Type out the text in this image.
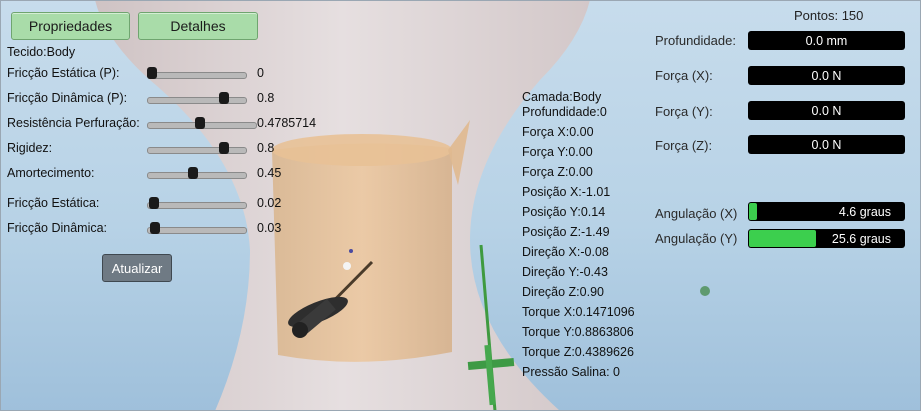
Propriedades	Detalhes
Tecido:Body
Fricção Estática (P):	0
Fricção Dinâmica (P):	0.8
Resistência Perfuração:	0.4785714
Rigidez:	0.8
Amortecimento:	0.45
Fricção Estática:	0.02
Fricção Dinâmica:	0.03
Atualizar
Camada:Body
Profundidade:0
Força X:0.00
Força Y:0.00
Força Z:0.00
Posição X:-1.01
Posição Y:0.14
Posição Z:-1.49
Direção X:-0.08
Direção Y:-0.43
Direção Z:0.90
Torque X:0.1471096
Torque Y:0.8863806
Torque Z:0.4389626
Pressão Salina: 0
Pontos: 150
Profundidade:	0.0 mm
Força (X):	0.0 N
Força (Y):	0.0 N
Força (Z):	0.0 N
Angulação (X)	4.6 graus
Angulação (Y)	25.6 graus
